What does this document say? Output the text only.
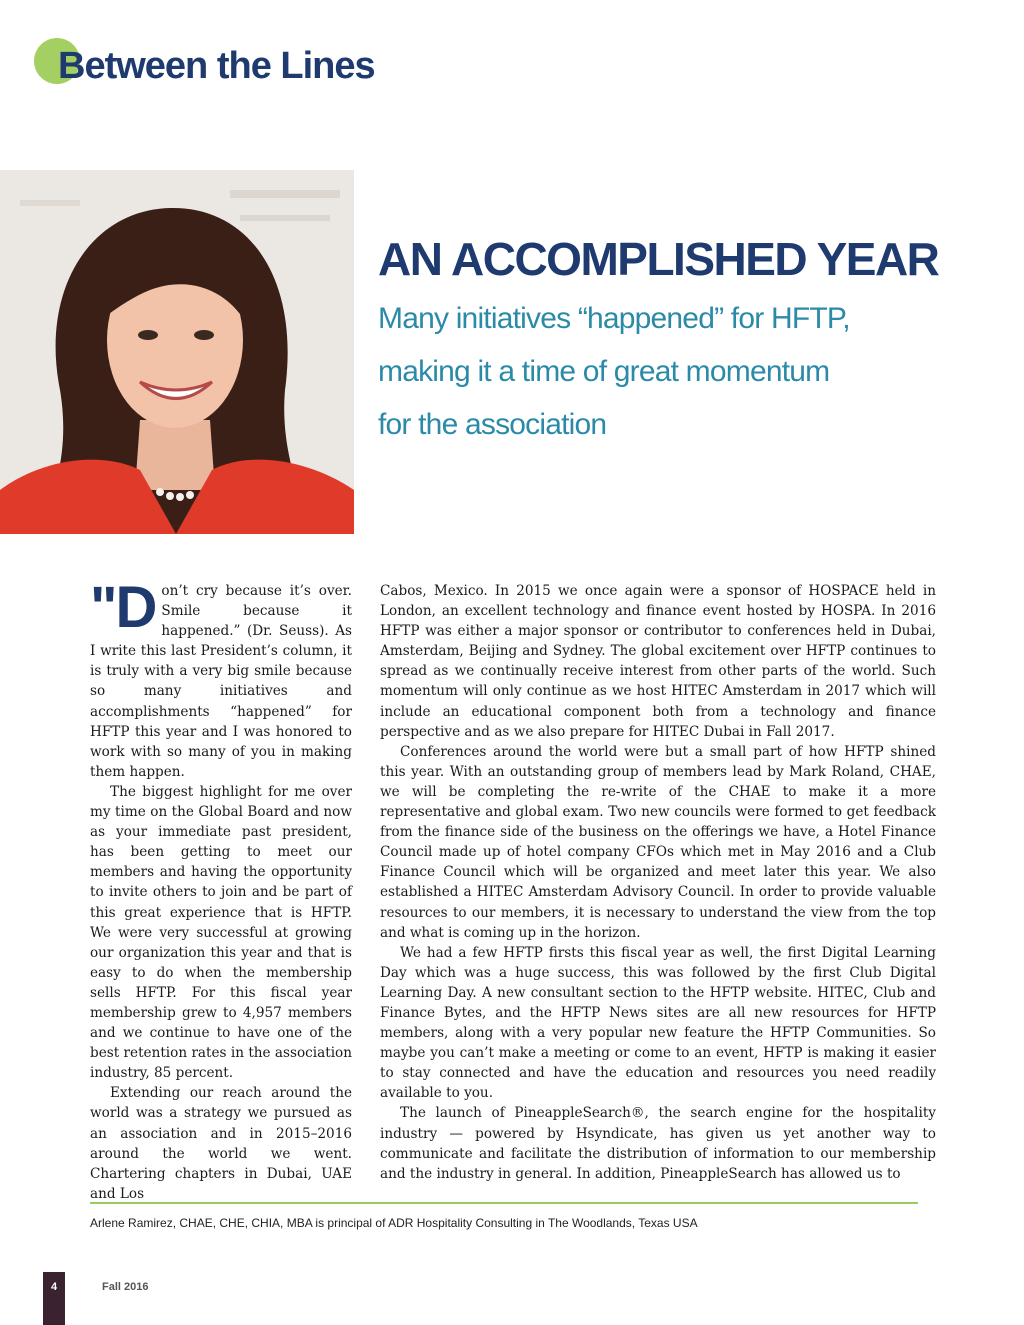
Between the Lines
AN ACCOMPLISHED YEAR
Many initiatives “happened” for HFTP,
making it a time of great momentum
for the association

"Don’t cry because it’s over. Smile because it happened.” (Dr. Seuss). As I write this last President’s column, it is truly with a very big smile because so many initiatives and accomplishments “happened” for HFTP this year and I was honored to work with so many of you in making them happen.

The biggest highlight for me over my time on the Global Board and now as your immediate past president, has been getting to meet our members and having the opportunity to invite others to join and be part of this great experience that is HFTP. We were very successful at growing our organization this year and that is easy to do when the membership sells HFTP. For this fiscal year membership grew to 4,957 members and we continue to have one of the best retention rates in the association industry, 85 percent.

Extending our reach around the world was a strategy we pursued as an association and in 2015–2016 around the world we went. Chartering chapters in Dubai, UAE and Los

Cabos, Mexico. In 2015 we once again were a sponsor of HOSPACE held in London, an excellent technology and finance event hosted by HOSPA. In 2016 HFTP was either a major sponsor or contributor to conferences held in Dubai, Amsterdam, Beijing and Sydney. The global excitement over HFTP continues to spread as we continually receive interest from other parts of the world. Such momentum will only continue as we host HITEC Amsterdam in 2017 which will include an educational component both from a technology and finance perspective and as we also prepare for HITEC Dubai in Fall 2017.

Conferences around the world were but a small part of how HFTP shined this year. With an outstanding group of members lead by Mark Roland, CHAE, we will be completing the re-write of the CHAE to make it a more representative and global exam. Two new councils were formed to get feedback from the finance side of the business on the offerings we have, a Hotel Finance Council made up of hotel company CFOs which met in May 2016 and a Club Finance Council which will be organized and meet later this year. We also established a HITEC Amsterdam Advisory Council. In order to provide valuable resources to our members, it is necessary to understand the view from the top and what is coming up in the horizon.

We had a few HFTP firsts this fiscal year as well, the first Digital Learning Day which was a huge success, this was followed by the first Club Digital Learning Day. A new consultant section to the HFTP website. HITEC, Club and Finance Bytes, and the HFTP News sites are all new resources for HFTP members, along with a very popular new feature the HFTP Communities. So maybe you can’t make a meeting or come to an event, HFTP is making it easier to stay connected and have the education and resources you need readily available to you.

The launch of PineappleSearch®, the search engine for the hospitality industry — powered by Hsyndicate, has given us yet another way to communicate and facilitate the distribution of information to our membership and the industry in general. In addition, PineappleSearch has allowed us to

Arlene Ramirez, CHAE, CHE, CHIA, MBA is principal of ADR Hospitality Consulting in The Woodlands, Texas USA
4	Fall 2016
